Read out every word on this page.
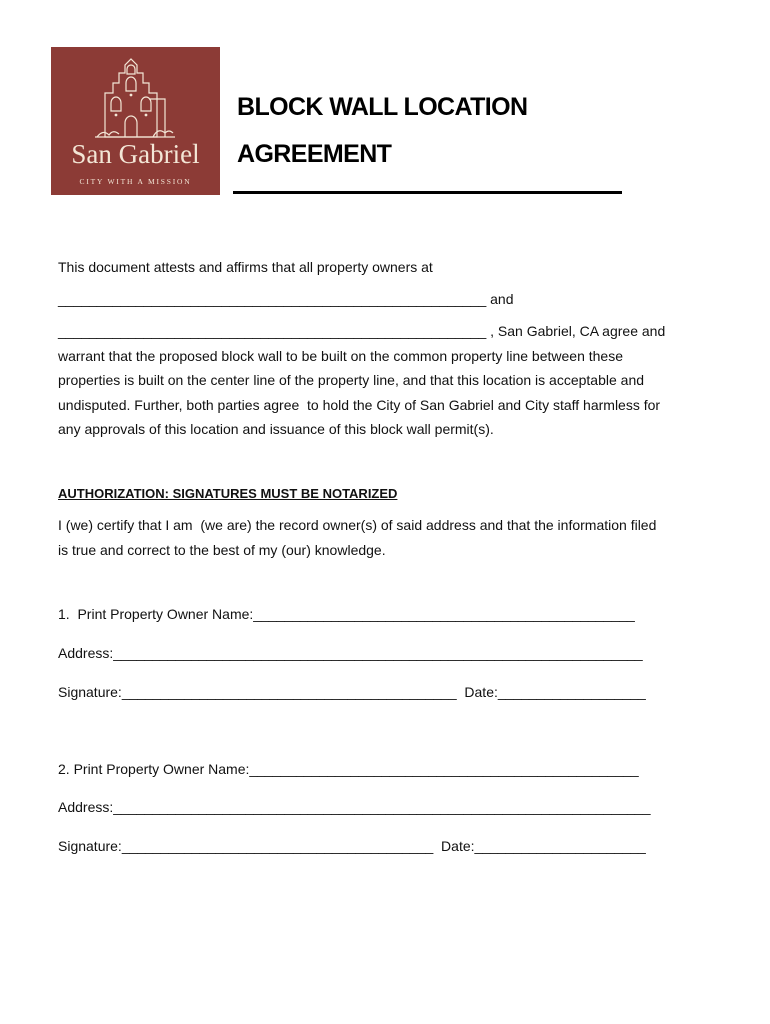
San Gabriel
CITY WITH A MISSION
BLOCK WALL LOCATION
AGREEMENT
This document attests and affirms that all property owners at
_______________________________________________________ and
_______________________________________________________ , San Gabriel, CA agree and
warrant that the proposed block wall to be built on the common property line between these
properties is built on the center line of the property line, and that this location is acceptable and
undisputed. Further, both parties agree  to hold the City of San Gabriel and City staff harmless for
any approvals of this location and issuance of this block wall permit(s).
AUTHORIZATION: SIGNATURES MUST BE NOTARIZED
I (we) certify that I am  (we are) the record owner(s) of said address and that the information filed
is true and correct to the best of my (our) knowledge.
1.  Print Property Owner Name:_________________________________________________
Address:____________________________________________________________________
Signature:___________________________________________  Date:___________________
2. Print Property Owner Name:__________________________________________________
Address:_____________________________________________________________________
Signature:________________________________________  Date:______________________
